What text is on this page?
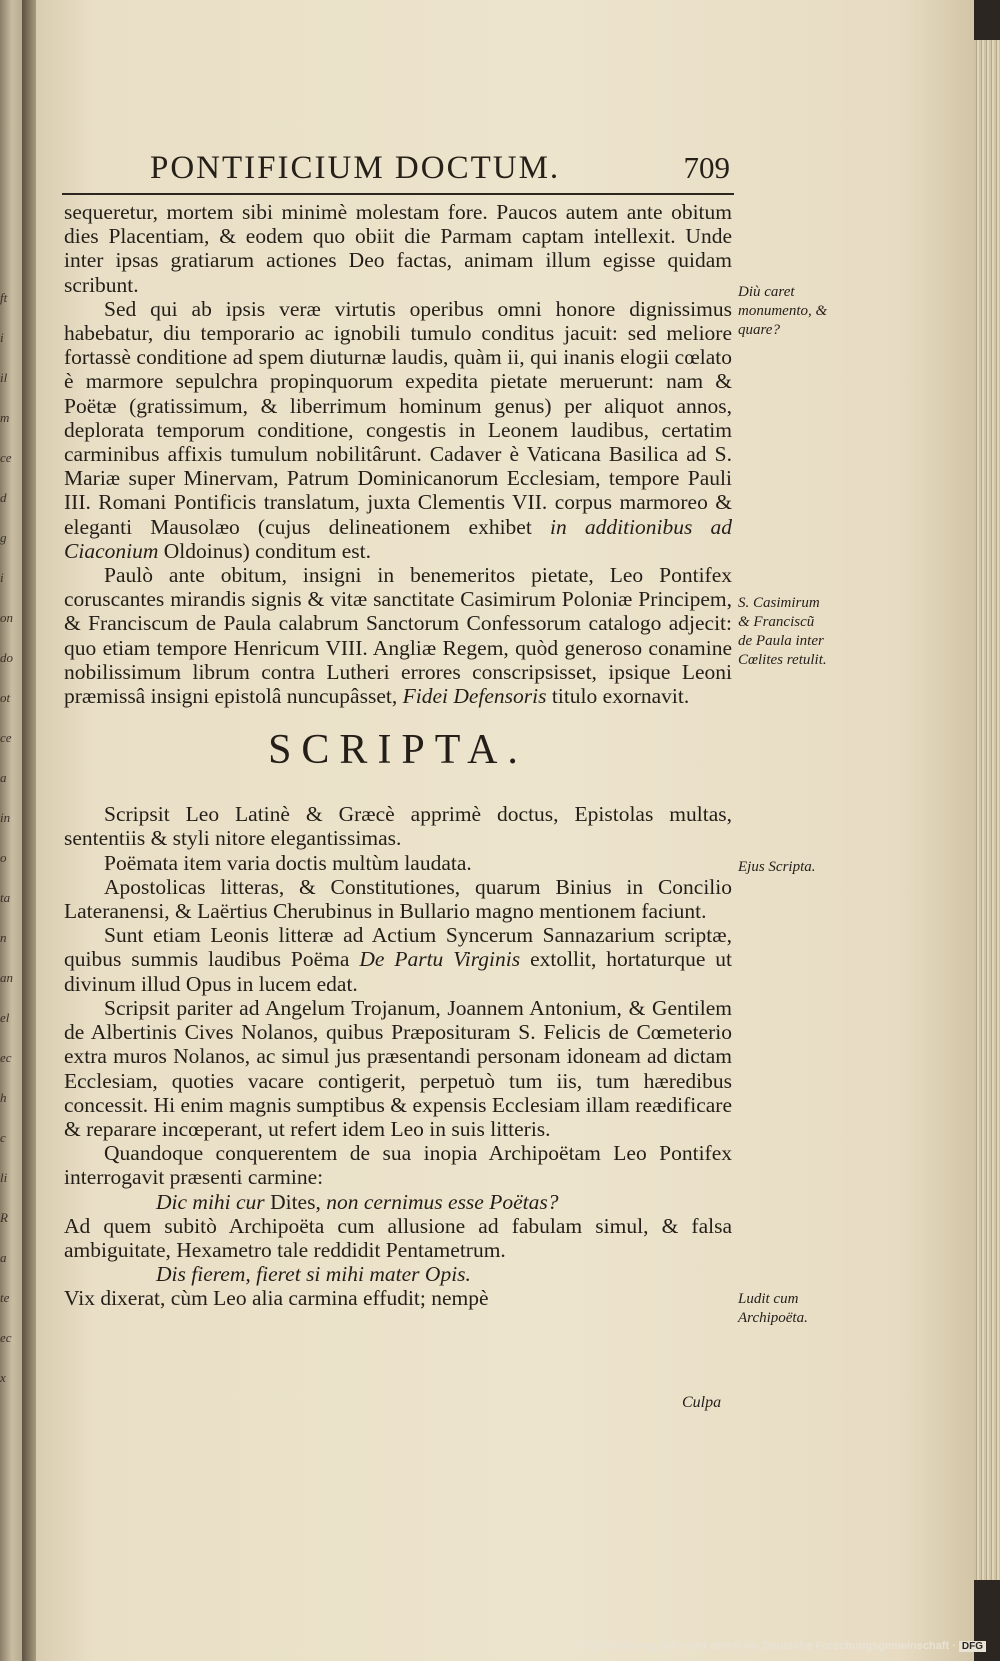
ft
i
il
m
ce
d
g
i
on
do
ot
ce
a
in
o
ta
n
an
el
ec
h
c
li
R
a
te
ec
x
PONTIFICIUM DOCTUM.	709

sequeretur, mortem sibi minimè molestam fore. Paucos autem ante obitum dies Placentiam, & eodem quo obiit die Parmam captam intellexit. Unde inter ipsas gratiarum actiones Deo factas, animam illum egisse quidam scribunt.

Sed qui ab ipsis veræ virtutis operibus omni honore dignissimus habebatur, diu temporario ac ignobili tumulo conditus jacuit: sed meliore fortassè conditione ad spem diuturnæ laudis, quàm ii, qui inanis elogii cœlato è marmore sepulchra propinquorum expedita pietate meruerunt: nam & Poëtæ (gratissimum, & liberrimum hominum genus) per aliquot annos, deplorata temporum conditione, congestis in Leonem laudibus, certatim carminibus affixis tumulum nobilitârunt. Cadaver è Vaticana Basilica ad S. Mariæ super Minervam, Patrum Dominicanorum Ecclesiam, tempore Pauli III. Romani Pontificis translatum, juxta Clementis VII. corpus marmoreo & eleganti Mausolæo (cujus delineationem exhibet in additionibus ad Ciaconium Oldoinus) conditum est.

Paulò ante obitum, insigni in benemeritos pietate, Leo Pontifex coruscantes mirandis signis & vitæ sanctitate Casimirum Poloniæ Principem, & Franciscum de Paula calabrum Sanctorum Confessorum catalogo adjecit: quo etiam tempore Henricum VIII. Angliæ Regem, quòd generoso conamine nobilissimum librum contra Lutheri errores conscripsisset, ipsique Leoni præmissâ insigni epistolâ nuncupâsset, Fidei Defensoris titulo exornavit.

SCRIPTA.

Scripsit Leo Latinè & Græcè apprimè doctus, Epistolas multas, sententiis & styli nitore elegantissimas.

Poëmata item varia doctis multùm laudata.

Apostolicas litteras, & Constitutiones, quarum Binius in Concilio Lateranensi, & Laërtius Cherubinus in Bullario magno mentionem faciunt.

Sunt etiam Leonis litteræ ad Actium Syncerum Sannazarium scriptæ, quibus summis laudibus Poëma De Partu Virginis extollit, hortaturque ut divinum illud Opus in lucem edat.

Scripsit pariter ad Angelum Trojanum, Joannem Antonium, & Gentilem de Albertinis Cives Nolanos, quibus Præposituram S. Felicis de Cœmeterio extra muros Nolanos, ac simul jus præsentandi personam idoneam ad dictam Ecclesiam, quoties vacare contigerit, perpetuò tum iis, tum hæredibus concessit. Hi enim magnis sumptibus & expensis Ecclesiam illam reædificare & reparare incœperant, ut refert idem Leo in suis litteris.

Quandoque conquerentem de sua inopia Archipoëtam Leo Pontifex interrogavit præsenti carmine:

Dic mihi cur Dites, non cernimus esse Poëtas?

Ad quem subitò Archipoëta cum allusione ad fabulam simul, & falsa ambiguitate, Hexametro tale reddidit Pentametrum.

Dis fierem, fieret si mihi mater Opis.

Vix dixerat, cùm Leo alia carmina effudit; nempè

Diù caret monumento, & quare?
S. Casimirum & Franciscũ de Paula inter Cœlites retulit.
Ejus Scripta.
Ludit cum Archipoëta.
Culpa
Digitalisierung gefördert durch die Deutsche Forschungsgemeinschaft · DFG
